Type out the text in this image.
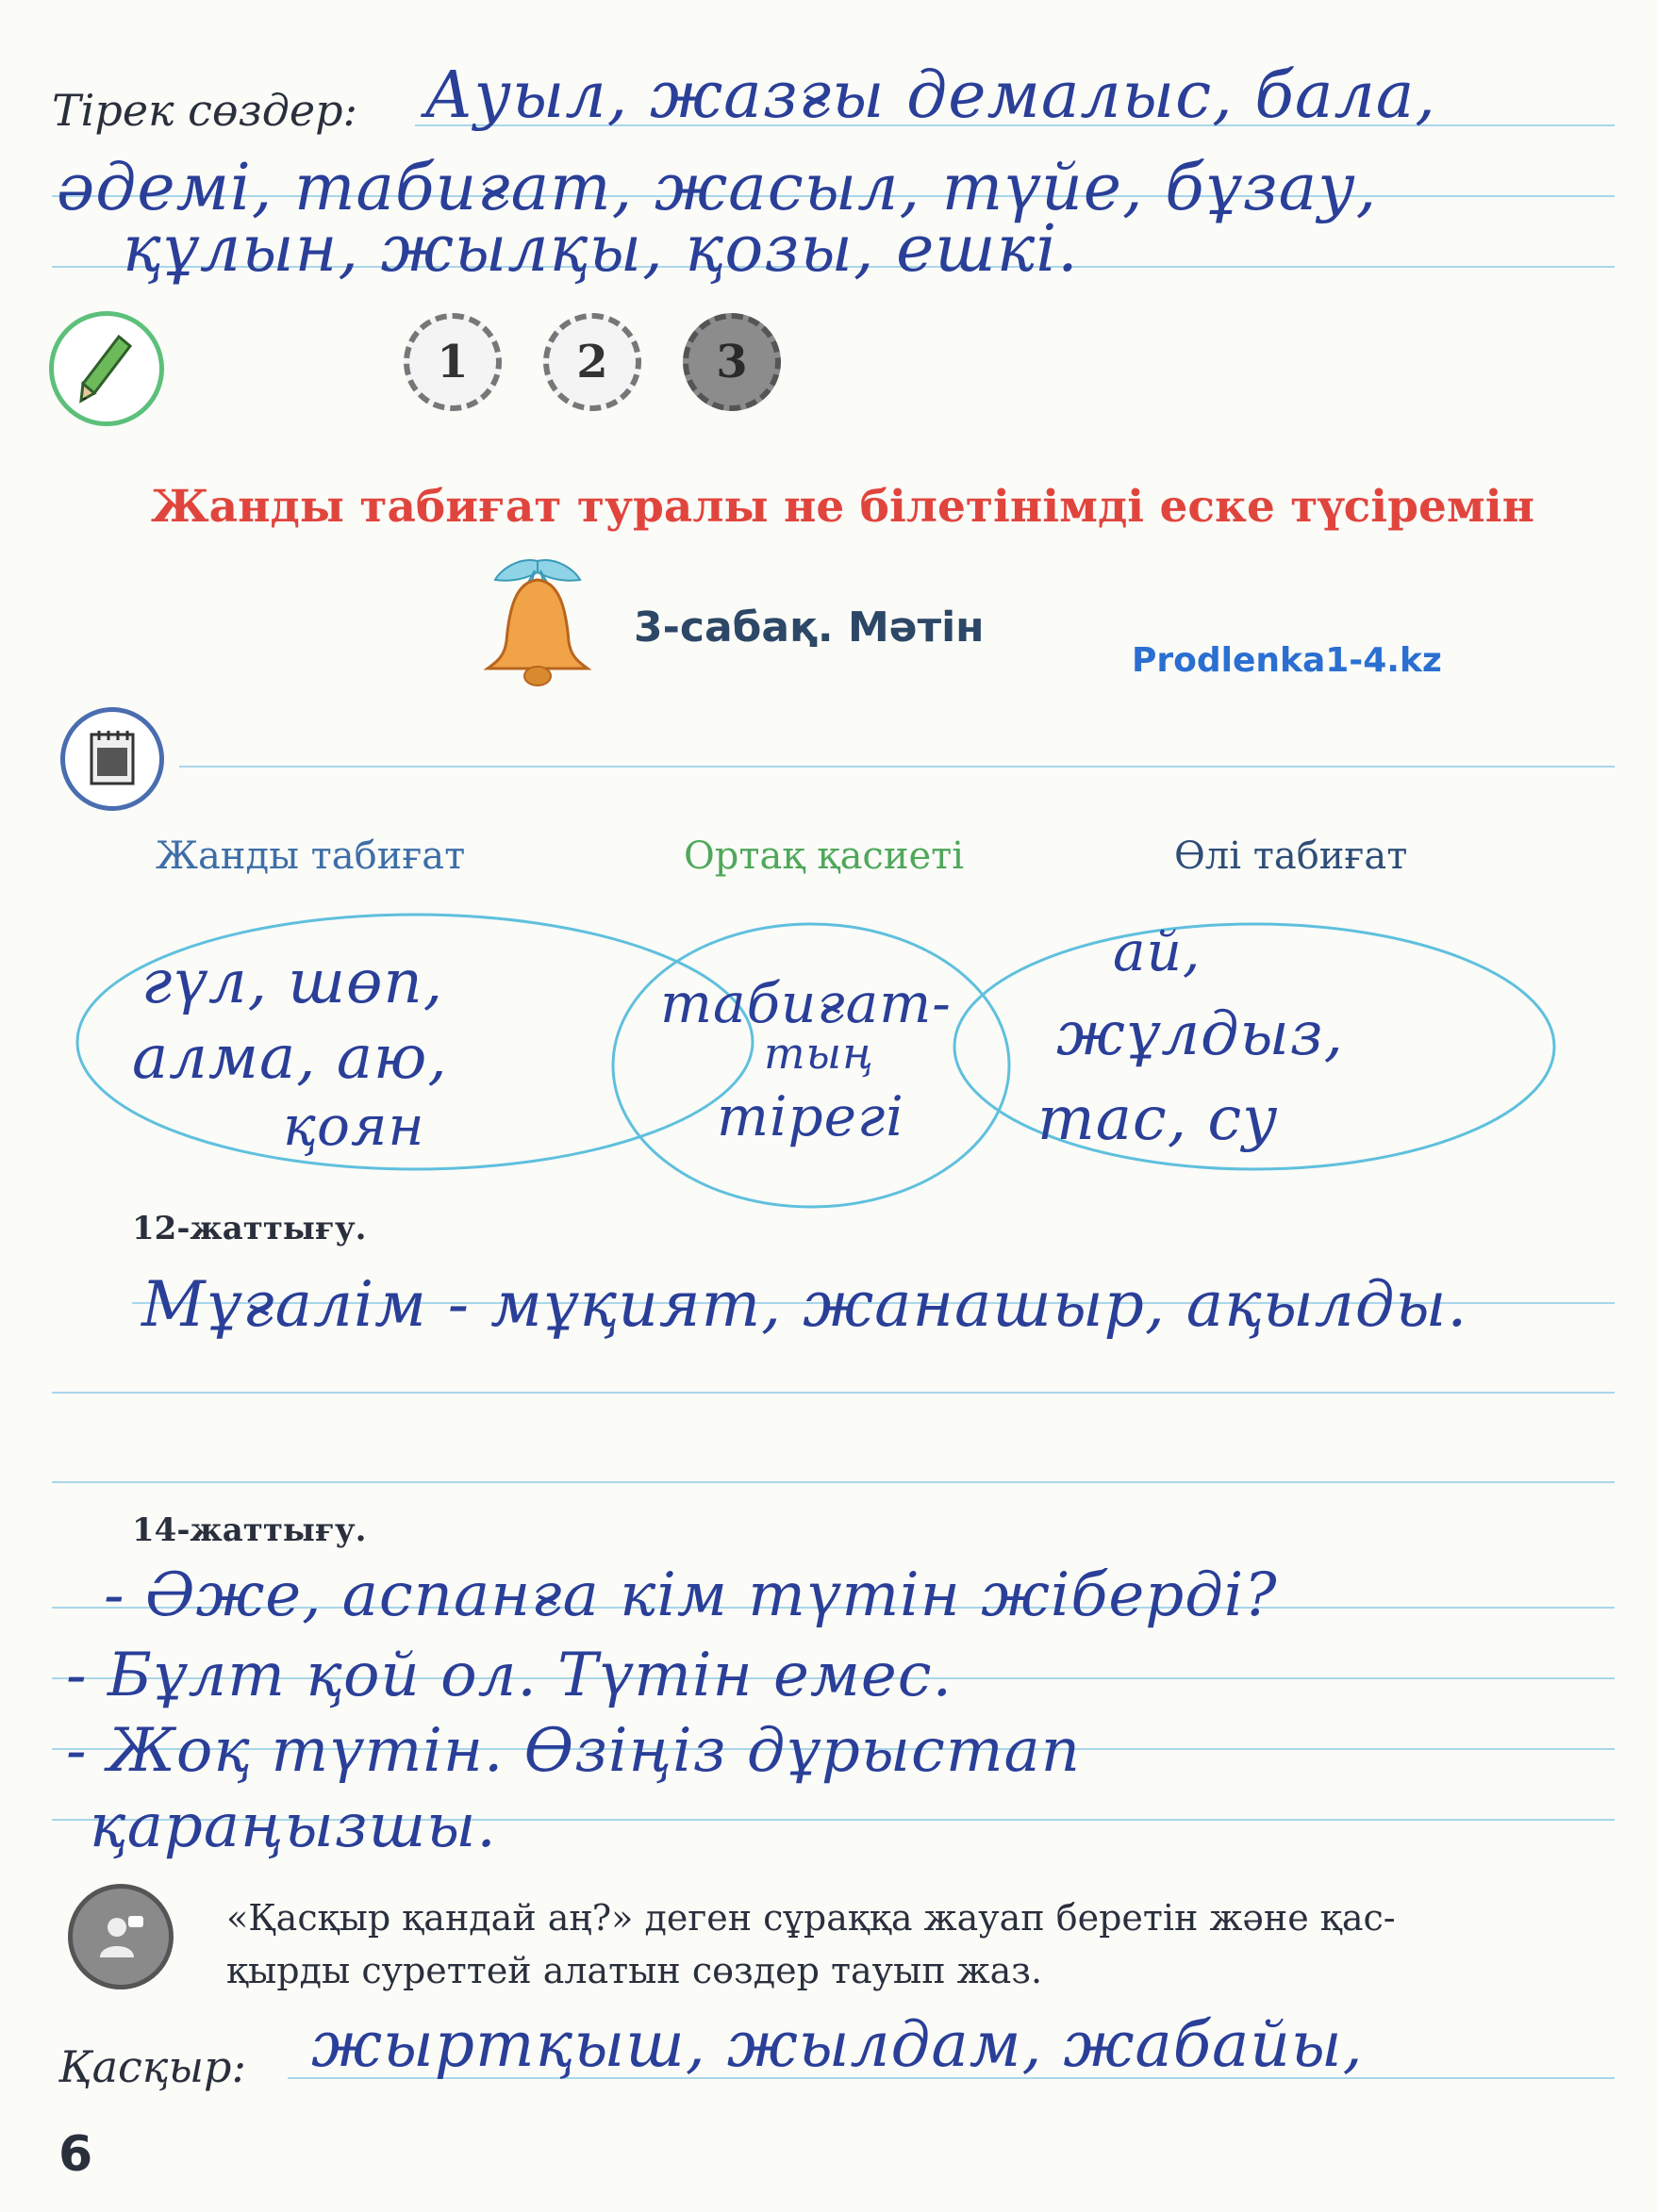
Тірек сөздер: Ауыл, жазғы демалыс, бала,
әдемі, табиғат, жасыл, түйе, бұзау,
құлын, жылқы, қозы, ешкі.
1	2	3
Жанды табиғат туралы не білетінімді еске түсіремін
3-сабақ. Мәтін
Prodlenka1-4.kz
Жанды табиғат	Ортақ қасиеті	Өлі табиғат
гүл, шөп,
алма, аю,
қоян
табиғат-
тың
тірегі
ай,
жұлдыз,
тас, су
12-жаттығу.
Мұғалім - мұқият, жанашыр, ақылды.
14-жаттығу.
- Әже, аспанға кім түтін жіберді?
- Бұлт қой ол. Түтін емес.
- Жоқ түтін. Өзіңіз дұрыстап
қараңызшы.
«Қасқыр қандай аң?» деген сұраққа жауап беретін және қас-
қырды суреттей алатын сөздер тауып жаз.
Қасқыр: жыртқыш, жылдам, жабайы,
6
